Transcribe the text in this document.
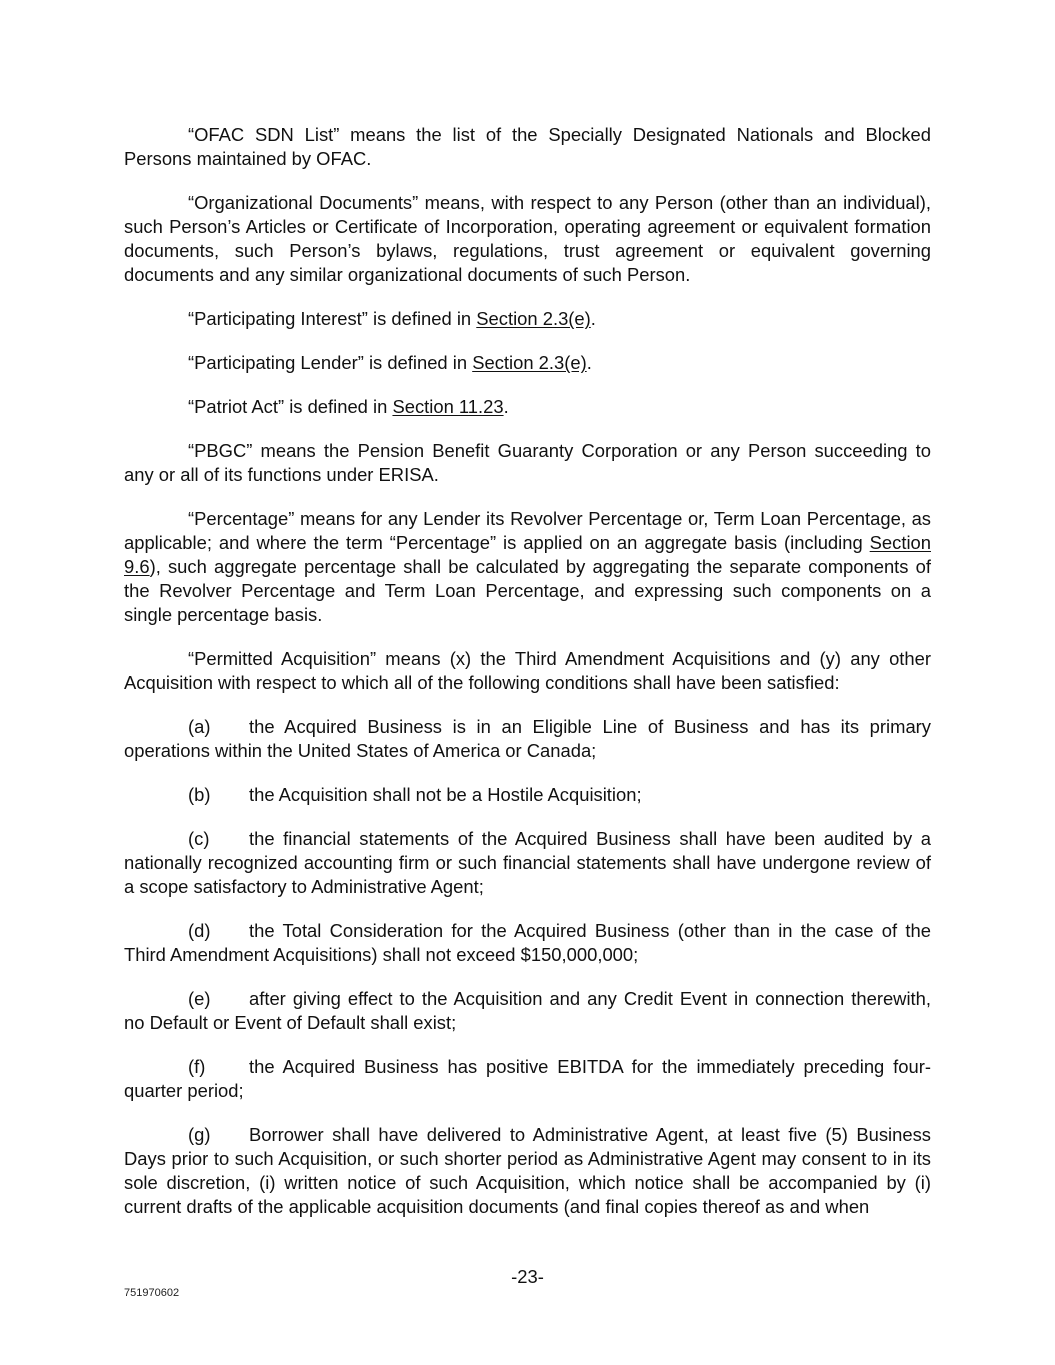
“OFAC SDN List” means the list of the Specially Designated Nationals and Blocked Persons maintained by OFAC.

“Organizational Documents” means, with respect to any Person (other than an individual), such Person’s Articles or Certificate of Incorporation, operating agreement or equivalent formation documents, such Person’s bylaws, regulations, trust agreement or equivalent governing documents and any similar organizational documents of such Person.

“Participating Interest” is defined in Section 2.3(e).

“Participating Lender” is defined in Section 2.3(e).

“Patriot Act” is defined in Section 11.23.

“PBGC” means the Pension Benefit Guaranty Corporation or any Person succeeding to any or all of its functions under ERISA.

“Percentage” means for any Lender its Revolver Percentage or, Term Loan Percentage, as applicable; and where the term “Percentage” is applied on an aggregate basis (including Section 9.6), such aggregate percentage shall be calculated by aggregating the separate components of the Revolver Percentage and Term Loan Percentage, and expressing such components on a single percentage basis.

“Permitted Acquisition” means (x) the Third Amendment Acquisitions and (y) any other Acquisition with respect to which all of the following conditions shall have been satisfied:

(a) the Acquired Business is in an Eligible Line of Business and has its primary operations within the United States of America or Canada;

(b) the Acquisition shall not be a Hostile Acquisition;

(c) the financial statements of the Acquired Business shall have been audited by a nationally recognized accounting firm or such financial statements shall have undergone review of a scope satisfactory to Administrative Agent;

(d) the Total Consideration for the Acquired Business (other than in the case of the Third Amendment Acquisitions) shall not exceed $150,000,000;

(e) after giving effect to the Acquisition and any Credit Event in connection therewith, no Default or Event of Default shall exist;

(f) the Acquired Business has positive EBITDA for the immediately preceding four-quarter period;

(g) Borrower shall have delivered to Administrative Agent, at least five (5) Business Days prior to such Acquisition, or such shorter period as Administrative Agent may consent to in its sole discretion, (i) written notice of such Acquisition, which notice shall be accompanied by (i) current drafts of the applicable acquisition documents (and final copies thereof as and when

-23-
751970602
